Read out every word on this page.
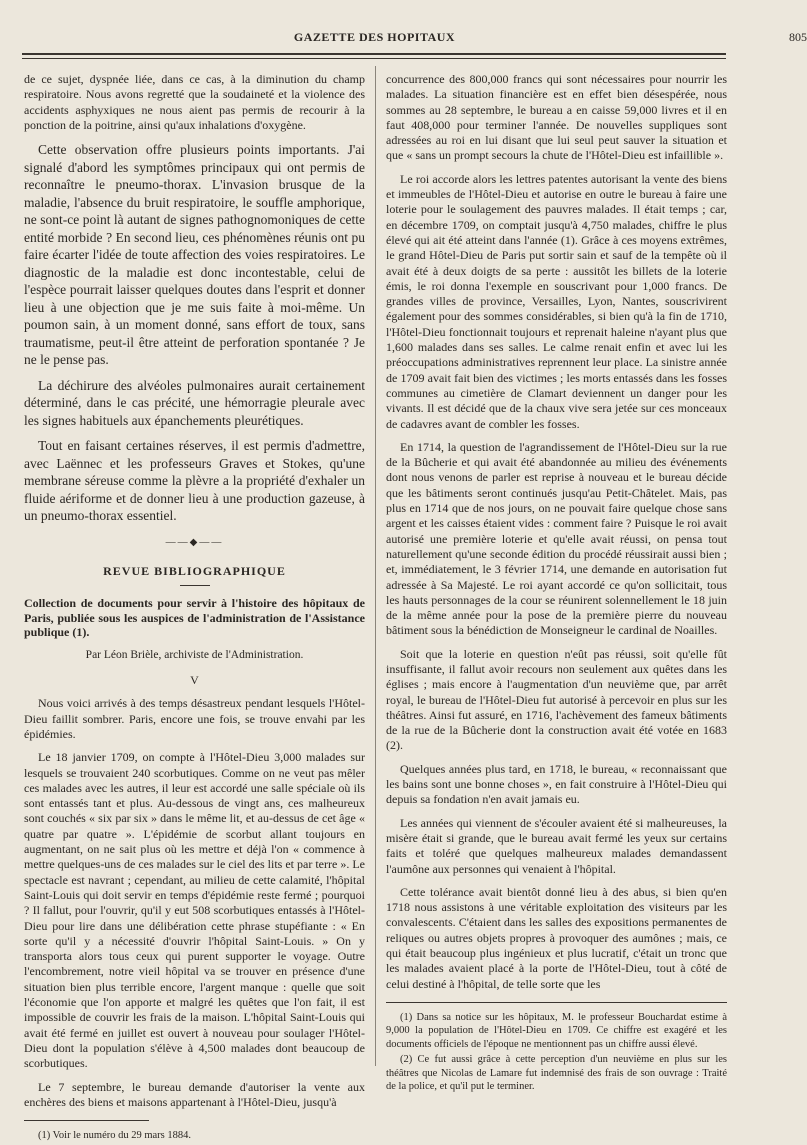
GAZETTE DES HOPITAUX	805

de ce sujet, dyspnée liée, dans ce cas, à la diminution du champ respiratoire. Nous avons regretté que la soudaineté et la violence des accidents asphyxiques ne nous aient pas permis de recourir à la ponction de la poitrine, ainsi qu'aux inhalations d'oxygène.

Cette observation offre plusieurs points importants. J'ai signalé d'abord les symptômes principaux qui ont permis de reconnaître le pneumo-thorax. L'invasion brusque de la maladie, l'absence du bruit respiratoire, le souffle amphorique, ne sont-ce point là autant de signes pathognomoniques de cette entité morbide ? En second lieu, ces phénomènes réunis ont pu faire écarter l'idée de toute affection des voies respiratoires. Le diagnostic de la maladie est donc incontestable, celui de l'espèce pourrait laisser quelques doutes dans l'esprit et donner lieu à une objection que je me suis faite à moi-même. Un poumon sain, à un moment donné, sans effort de toux, sans traumatisme, peut-il être atteint de perforation spontanée ? Je ne le pense pas.

La déchirure des alvéoles pulmonaires aurait certainement déterminé, dans le cas précité, une hémorragie pleurale avec les signes habituels aux épanchements pleurétiques.

Tout en faisant certaines réserves, il est permis d'admettre, avec Laënnec et les professeurs Graves et Stokes, qu'une membrane séreuse comme la plèvre a la propriété d'exhaler un fluide aériforme et de donner lieu à une production gazeuse, à un pneumo-thorax essentiel.

——◆——
REVUE BIBLIOGRAPHIQUE

Collection de documents pour servir à l'histoire des hôpitaux de Paris, publiée sous les auspices de l'administration de l'Assistance publique (1).

Par Léon Brièle, archiviste de l'Administration.
V

Nous voici arrivés à des temps désastreux pendant lesquels l'Hôtel-Dieu faillit sombrer. Paris, encore une fois, se trouve envahi par les épidémies.

Le 18 janvier 1709, on compte à l'Hôtel-Dieu 3,000 malades sur lesquels se trouvaient 240 scorbutiques. Comme on ne veut pas mêler ces malades avec les autres, il leur est accordé une salle spéciale où ils sont entassés tant et plus. Au-dessous de vingt ans, ces malheureux sont couchés « six par six » dans le même lit, et au-dessus de cet âge « quatre par quatre ». L'épidémie de scorbut allant toujours en augmentant, on ne sait plus où les mettre et déjà l'on « commence à mettre quelques-uns de ces malades sur le ciel des lits et par terre ». Le spectacle est navrant ; cependant, au milieu de cette calamité, l'hôpital Saint-Louis qui doit servir en temps d'épidémie reste fermé ; pourquoi ? Il fallut, pour l'ouvrir, qu'il y eut 508 scorbutiques entassés à l'Hôtel-Dieu pour lire dans une délibération cette phrase stupéfiante : « En sorte qu'il y a nécessité d'ouvrir l'hôpital Saint-Louis. » On y transporta alors tous ceux qui purent supporter le voyage. Outre l'encombrement, notre vieil hôpital va se trouver en présence d'une situation bien plus terrible encore, l'argent manque : quelle que soit l'économie que l'on apporte et malgré les quêtes que l'on fait, il est impossible de couvrir les frais de la maison. L'hôpital Saint-Louis qui avait été fermé en juillet est ouvert à nouveau pour soulager l'Hôtel-Dieu dont la population s'élève à 4,500 malades dont beaucoup de scorbutiques.

Le 7 septembre, le bureau demande d'autoriser la vente aux enchères des biens et maisons appartenant à l'Hôtel-Dieu, jusqu'à

(1) Voir le numéro du 29 mars 1884.

concurrence des 800,000 francs qui sont nécessaires pour nourrir les malades. La situation financière est en effet bien désespérée, nous sommes au 28 septembre, le bureau a en caisse 59,000 livres et il en faut 408,000 pour terminer l'année. De nouvelles suppliques sont adressées au roi en lui disant que lui seul peut sauver la situation et que « sans un prompt secours la chute de l'Hôtel-Dieu est infaillible ».

Le roi accorde alors les lettres patentes autorisant la vente des biens et immeubles de l'Hôtel-Dieu et autorise en outre le bureau à faire une loterie pour le soulagement des pauvres malades. Il était temps ; car, en décembre 1709, on comptait jusqu'à 4,750 malades, chiffre le plus élevé qui ait été atteint dans l'année (1). Grâce à ces moyens extrêmes, le grand Hôtel-Dieu de Paris put sortir sain et sauf de la tempête où il avait été à deux doigts de sa perte : aussitôt les billets de la loterie émis, le roi donna l'exemple en souscrivant pour 1,000 francs. De grandes villes de province, Versailles, Lyon, Nantes, souscrivirent également pour des sommes considérables, si bien qu'à la fin de 1710, l'Hôtel-Dieu fonctionnait toujours et reprenait haleine n'ayant plus que 1,600 malades dans ses salles. Le calme renait enfin et avec lui les préoccupations administratives reprennent leur place. La sinistre année de 1709 avait fait bien des victimes ; les morts entassés dans les fosses communes au cimetière de Clamart deviennent un danger pour les vivants. Il est décidé que de la chaux vive sera jetée sur ces monceaux de cadavres avant de combler les fosses.

En 1714, la question de l'agrandissement de l'Hôtel-Dieu sur la rue de la Bûcherie et qui avait été abandonnée au milieu des événements dont nous venons de parler est reprise à nouveau et le bureau décide que les bâtiments seront continués jusqu'au Petit-Châtelet. Mais, pas plus en 1714 que de nos jours, on ne pouvait faire quelque chose sans argent et les caisses étaient vides : comment faire ? Puisque le roi avait autorisé une première loterie et qu'elle avait réussi, on pensa tout naturellement qu'une seconde édition du procédé réussirait aussi bien ; et, immédiatement, le 3 février 1714, une demande en autorisation fut adressée à Sa Majesté. Le roi ayant accordé ce qu'on sollicitait, tous les hauts personnages de la cour se réunirent solennellement le 18 juin de la même année pour la pose de la première pierre du nouveau bâtiment sous la bénédiction de Monseigneur le cardinal de Noailles.

Soit que la loterie en question n'eût pas réussi, soit qu'elle fût insuffisante, il fallut avoir recours non seulement aux quêtes dans les églises ; mais encore à l'augmentation d'un neuvième que, par arrêt royal, le bureau de l'Hôtel-Dieu fut autorisé à percevoir en plus sur les théâtres. Ainsi fut assuré, en 1716, l'achèvement des fameux bâtiments de la rue de la Bûcherie dont la construction avait été votée en 1683 (2).

Quelques années plus tard, en 1718, le bureau, « reconnaissant que les bains sont une bonne choses », en fait construire à l'Hôtel-Dieu qui depuis sa fondation n'en avait jamais eu.

Les années qui viennent de s'écouler avaient été si malheureuses, la misère était si grande, que le bureau avait fermé les yeux sur certains faits et toléré que quelques malheureux malades demandassent l'aumône aux personnes qui venaient à l'hôpital.

Cette tolérance avait bientôt donné lieu à des abus, si bien qu'en 1718 nous assistons à une véritable exploitation des visiteurs par les convalescents. C'étaient dans les salles des expositions permanentes de reliques ou autres objets propres à provoquer des aumônes ; mais, ce qui était beaucoup plus ingénieux et plus lucratif, c'était un tronc que les malades avaient placé à la porte de l'Hôtel-Dieu, tout à côté de celui destiné à l'hôpital, de telle sorte que les

(1) Dans sa notice sur les hôpitaux, M. le professeur Bouchardat estime à 9,000 la population de l'Hôtel-Dieu en 1709. Ce chiffre est exagéré et les documents officiels de l'époque ne mentionnent pas un chiffre aussi élevé.

(2) Ce fut aussi grâce à cette perception d'un neuvième en plus sur les théâtres que Nicolas de Lamare fut indemnisé des frais de son ouvrage : Traité de la police, et qu'il put le terminer.
